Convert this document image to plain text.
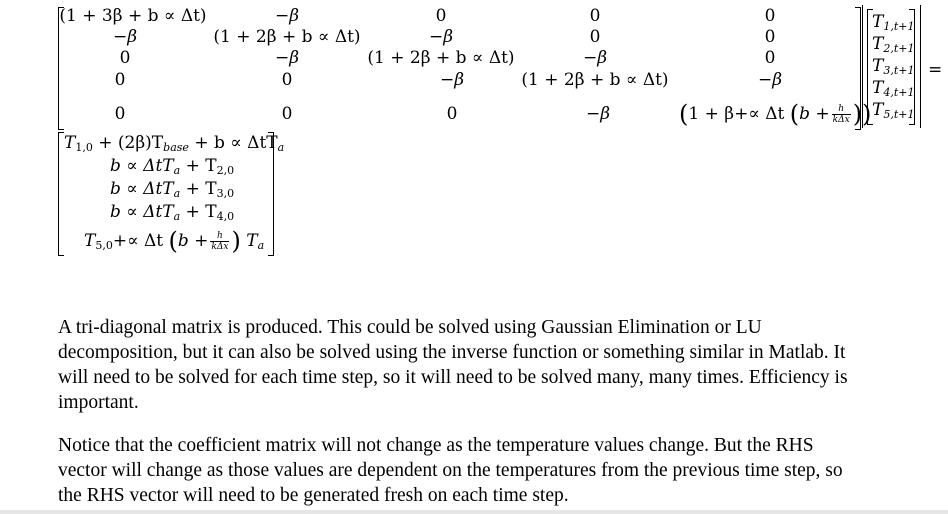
(1 + 3β + b ∝ Δt)	−β	0	0	0
−β	(1 + 2β + b ∝ Δt)	−β	0	0
0	−β	(1 + 2β + b ∝ Δt)	−β	0
0	0	−β	(1 + 2β + b ∝ Δt)	−β
0	0	0	−β	(1 + β+∝ Δt ($b + \frac{h}{\text{kΔx}}$ ))
$T_{1,t+1}$
$T_{2,t+1}$
$T_{3,t+1}$
$T_{4,t+1}$
$T_{5,t+1}$
=
$T_{1,0} + (2\beta)T_{base} + b \propto \Delta tT_a$
$b \propto \Delta tT_a + T_{2,0}$
$b \propto \Delta tT_a + T_{3,0}$
$b \propto \Delta tT_a + T_{4,0}$
$T_{5,0}+\propto \Delta t$ ($b + \frac{h}{\text{kΔx}}$ ) $T_a$

A tri-diagonal matrix is produced. This could be solved using Gaussian Elimination or LU decomposition, but it can also be solved using the inverse function or something similar in Matlab. It will need to be solved for each time step, so it will need to be solved many, many times. Efficiency is important.

Notice that the coefficient matrix will not change as the temperature values change. But the RHS vector will change as those values are dependent on the temperatures from the previous time step, so the RHS vector will need to be generated fresh on each time step.
